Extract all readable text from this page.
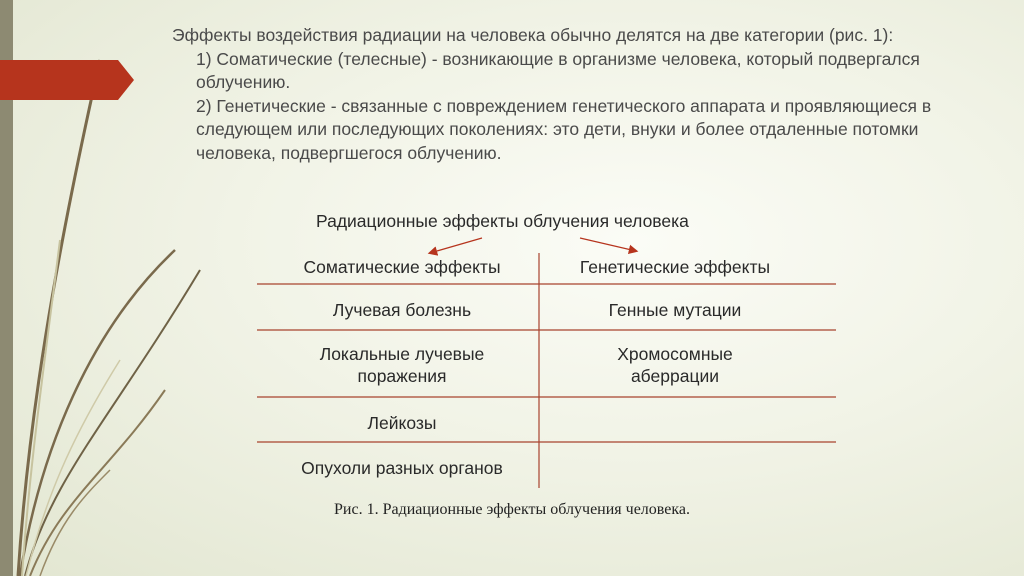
Эффекты воздействия радиации на человека обычно делятся на две категории (рис. 1):

1) Соматические (телесные) - возникающие в организме человека, который подвергался облучению.

2) Генетические - связанные с повреждением генетического аппарата и проявляющиеся в следующем или последующих поколениях: это дети, внуки и более отдаленные потомки человека, подвергшегося облучению.

Радиационные эффекты облучения человека
Соматические эффекты	Генетические эффекты
Лучевая болезнь	Генные мутации
Локальные лучевые поражения
Хромосомные аберрации
Лейкозы
Опухоли разных органов
Рис. 1. Радиационные эффекты облучения человека.
